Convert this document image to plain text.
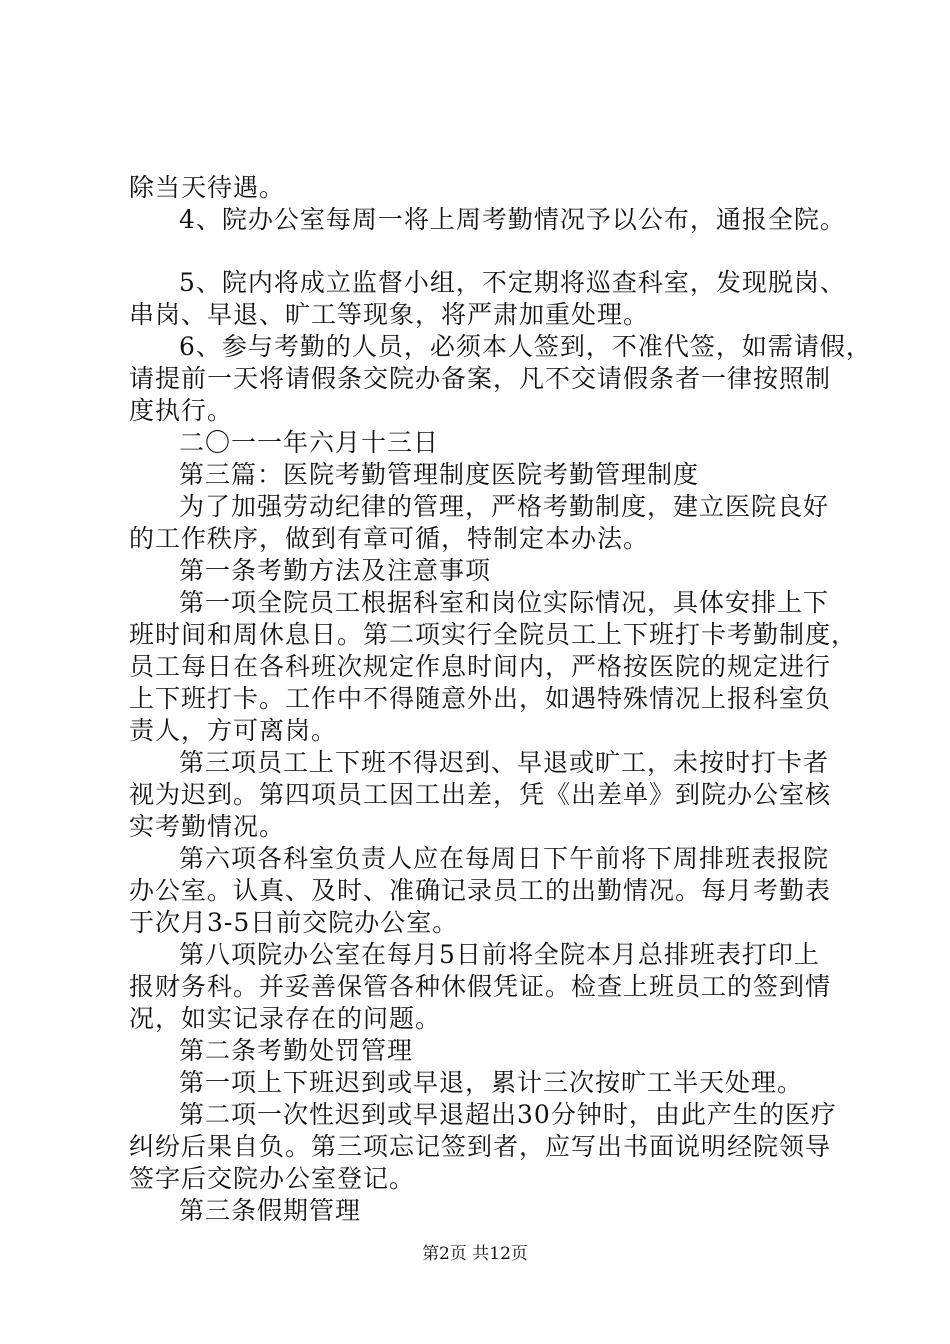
除当天待遇。
4、院办公室每周一将上周考勤情况予以公布，通报全院。
5、院内将成立监督小组，不定期将巡查科室，发现脱岗、
串岗、早退、旷工等现象，将严肃加重处理。
6、参与考勤的人员，必须本人签到，不准代签，如需请假，
请提前一天将请假条交院办备案，凡不交请假条者一律按照制
度执行。
二〇一一年六月十三日
第三篇：医院考勤管理制度医院考勤管理制度
为了加强劳动纪律的管理，严格考勤制度，建立医院良好
的工作秩序，做到有章可循，特制定本办法。
第一条考勤方法及注意事项
第一项全院员工根据科室和岗位实际情况，具体安排上下
班时间和周休息日。第二项实行全院员工上下班打卡考勤制度，
员工每日在各科班次规定作息时间内，严格按医院的规定进行
上下班打卡。工作中不得随意外出，如遇特殊情况上报科室负
责人，方可离岗。
第三项员工上下班不得迟到、早退或旷工，未按时打卡者
视为迟到。第四项员工因工出差，凭《出差单》到院办公室核
实考勤情况。
第六项各科室负责人应在每周日下午前将下周排班表报院
办公室。认真、及时、准确记录员工的出勤情况。每月考勤表
于次月3-5日前交院办公室。
第八项院办公室在每月5日前将全院本月总排班表打印上
报财务科。并妥善保管各种休假凭证。检查上班员工的签到情
况，如实记录存在的问题。
第二条考勤处罚管理
第一项上下班迟到或早退，累计三次按旷工半天处理。
第二项一次性迟到或早退超出30分钟时，由此产生的医疗
纠纷后果自负。第三项忘记签到者，应写出书面说明经院领导
签字后交院办公室登记。
第三条假期管理
第2页 共12页
